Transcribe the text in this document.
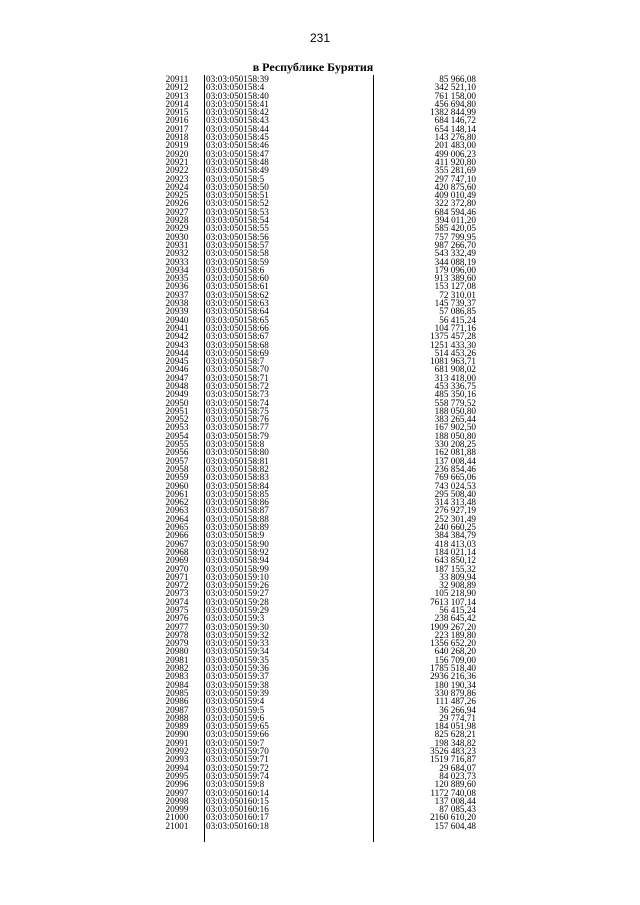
231
в Республике Бурятия
20911	03:03:050158:39	85 966,08
20912	03:03:050158:4	342 521,10
20913	03:03:050158:40	761 158,00
20914	03:03:050158:41	456 694,80
20915	03:03:050158:42	1382 844,99
20916	03:03:050158:43	684 146,72
20917	03:03:050158:44	654 148,14
20918	03:03:050158:45	143 276,80
20919	03:03:050158:46	201 483,00
20920	03:03:050158:47	499 006,23
20921	03:03:050158:48	411 920,80
20922	03:03:050158:49	355 281,69
20923	03:03:050158:5	297 747,10
20924	03:03:050158:50	420 875,60
20925	03:03:050158:51	409 010,49
20926	03:03:050158:52	322 372,80
20927	03:03:050158:53	684 594,46
20928	03:03:050158:54	394 011,20
20929	03:03:050158:55	585 420,05
20930	03:03:050158:56	757 799,95
20931	03:03:050158:57	987 266,70
20932	03:03:050158:58	543 332,49
20933	03:03:050158:59	344 088,19
20934	03:03:050158:6	179 096,00
20935	03:03:050158:60	913 389,60
20936	03:03:050158:61	153 127,08
20937	03:03:050158:62	72 310,01
20938	03:03:050158:63	145 739,37
20939	03:03:050158:64	57 086,85
20940	03:03:050158:65	56 415,24
20941	03:03:050158:66	104 771,16
20942	03:03:050158:67	1375 457,28
20943	03:03:050158:68	1251 433,30
20944	03:03:050158:69	514 453,26
20945	03:03:050158:7	1081 963,71
20946	03:03:050158:70	681 908,02
20947	03:03:050158:71	313 418,00
20948	03:03:050158:72	453 336,75
20949	03:03:050158:73	485 350,16
20950	03:03:050158:74	558 779,52
20951	03:03:050158:75	188 050,80
20952	03:03:050158:76	383 265,44
20953	03:03:050158:77	167 902,50
20954	03:03:050158:79	188 050,80
20955	03:03:050158:8	330 208,25
20956	03:03:050158:80	162 081,88
20957	03:03:050158:81	137 008,44
20958	03:03:050158:82	236 854,46
20959	03:03:050158:83	769 665,06
20960	03:03:050158:84	743 024,53
20961	03:03:050158:85	295 508,40
20962	03:03:050158:86	314 313,48
20963	03:03:050158:87	276 927,19
20964	03:03:050158:88	252 301,49
20965	03:03:050158:89	240 660,25
20966	03:03:050158:9	384 384,79
20967	03:03:050158:90	418 413,03
20968	03:03:050158:92	184 021,14
20969	03:03:050158:94	643 850,12
20970	03:03:050158:99	187 155,32
20971	03:03:050159:10	33 809,94
20972	03:03:050159:26	32 908,89
20973	03:03:050159:27	105 218,90
20974	03:03:050159:28	7613 107,14
20975	03:03:050159:29	56 415,24
20976	03:03:050159:3	238 645,42
20977	03:03:050159:30	1909 267,20
20978	03:03:050159:32	223 189,80
20979	03:03:050159:33	1356 652,20
20980	03:03:050159:34	640 268,20
20981	03:03:050159:35	156 709,00
20982	03:03:050159:36	1785 518,40
20983	03:03:050159:37	2936 216,36
20984	03:03:050159:38	180 190,34
20985	03:03:050159:39	330 879,86
20986	03:03:050159:4	111 487,26
20987	03:03:050159:5	36 266,94
20988	03:03:050159:6	29 774,71
20989	03:03:050159:65	184 051,98
20990	03:03:050159:66	825 628,21
20991	03:03:050159:7	198 348,82
20992	03:03:050159:70	3526 483,23
20993	03:03:050159:71	1519 716,87
20994	03:03:050159:72	29 684,07
20995	03:03:050159:74	84 023,73
20996	03:03:050159:8	120 889,60
20997	03:03:050160:14	1172 740,08
20998	03:03:050160:15	137 008,44
20999	03:03:050160:16	87 085,43
21000	03:03:050160:17	2160 610,20
21001	03:03:050160:18	157 604,48
